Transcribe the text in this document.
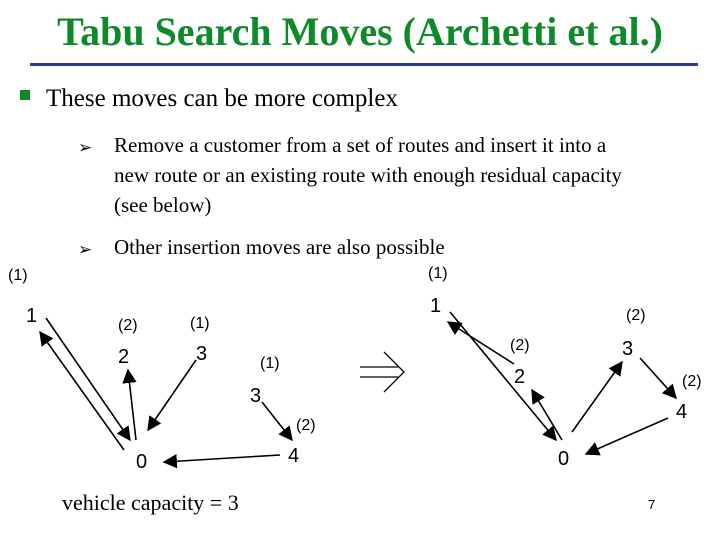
Tabu Search Moves (Archetti et al.)
These moves can be more complex
➢ Remove a customer from a set of routes and insert it into a
new route or an existing route with enough residual capacity
(see below)
➢ Other insertion moves are also possible
1
2	3
3
4
0
(1)
(2)	(1)
(1)
(2)
1
2
3
4
0
(1)
(2)
(2)
(2)
vehicle capacity = 3	7
